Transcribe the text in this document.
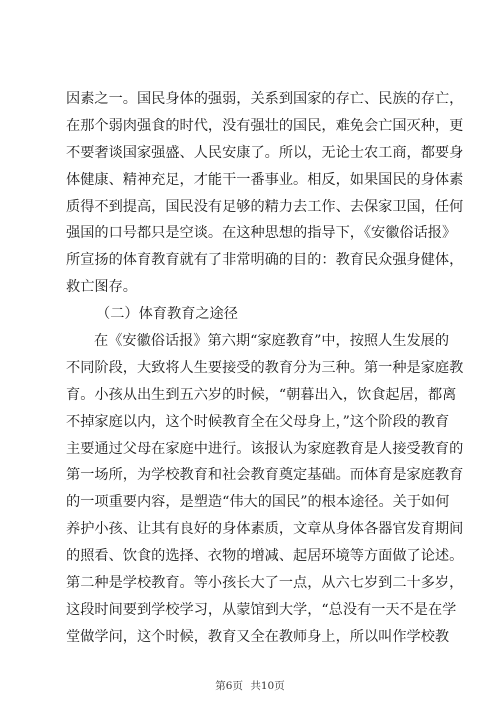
因素之一。国民身体的强弱，关系到国家的存亡、民族的存亡，
在那个弱肉强食的时代，没有强壮的国民，难免会亡国灭种，更
不要奢谈国家强盛、人民安康了。所以，无论士农工商，都要身
体健康、精神充足，才能干一番事业。相反，如果国民的身体素
质得不到提高，国民没有足够的精力去工作、去保家卫国，任何
强国的口号都只是空谈。在这种思想的指导下，《安徽俗话报》
所宣扬的体育教育就有了非常明确的目的：教育民众强身健体，
救亡图存。
（二）体育教育之途径
在《安徽俗话报》第六期“家庭教育”中，按照人生发展的
不同阶段，大致将人生要接受的教育分为三种。第一种是家庭教
育。小孩从出生到五六岁的时候，“朝暮出入，饮食起居，都离
不掉家庭以内，这个时候教育全在父母身上，”这个阶段的教育
主要通过父母在家庭中进行。该报认为家庭教育是人接受教育的
第一场所，为学校教育和社会教育奠定基础。而体育是家庭教育
的一项重要内容，是塑造“伟大的国民”的根本途径。关于如何
养护小孩、让其有良好的身体素质，文章从身体各器官发育期间
的照看、饮食的选择、衣物的增减、起居环境等方面做了论述。
第二种是学校教育。等小孩长大了一点，从六七岁到二十多岁，
这段时间要到学校学习，从蒙馆到大学，“总没有一天不是在学
堂做学问，这个时候，教育又全在教师身上，所以叫作学校教
第6页 共10页
